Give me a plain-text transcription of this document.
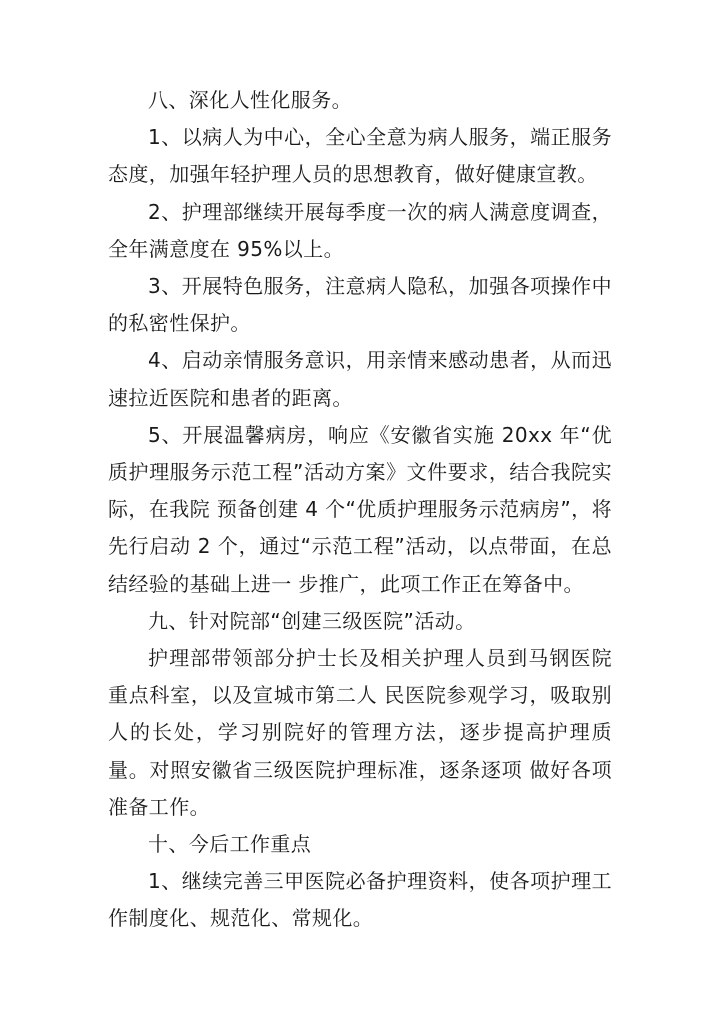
八、深化人性化服务。

1、以病人为中心，全心全意为病人服务，端正服务态度，加强年轻护理人员的思想教育，做好健康宣教。

2、护理部继续开展每季度一次的病人满意度调查，全年满意度在 95%以上。

3、开展特色服务，注意病人隐私，加强各项操作中的私密性保护。

4、启动亲情服务意识，用亲情来感动患者，从而迅速拉近医院和患者的距离。

5、开展温馨病房，响应《安徽省实施 20xx 年“优质护理服务示范工程”活动方案》文件要求，结合我院实际，在我院 预备创建 4 个“优质护理服务示范病房”，将先行启动 2 个，通过“示范工程”活动，以点带面，在总结经验的基础上进一 步推广，此项工作正在筹备中。

九、针对院部“创建三级医院”活动。

护理部带领部分护士长及相关护理人员到马钢医院重点科室，以及宣城市第二人 民医院参观学习，吸取别人的长处，学习别院好的管理方法，逐步提高护理质量。对照安徽省三级医院护理标准，逐条逐项 做好各项准备工作。

十、今后工作重点

1、继续完善三甲医院必备护理资料，使各项护理工作制度化、规范化、常规化。
